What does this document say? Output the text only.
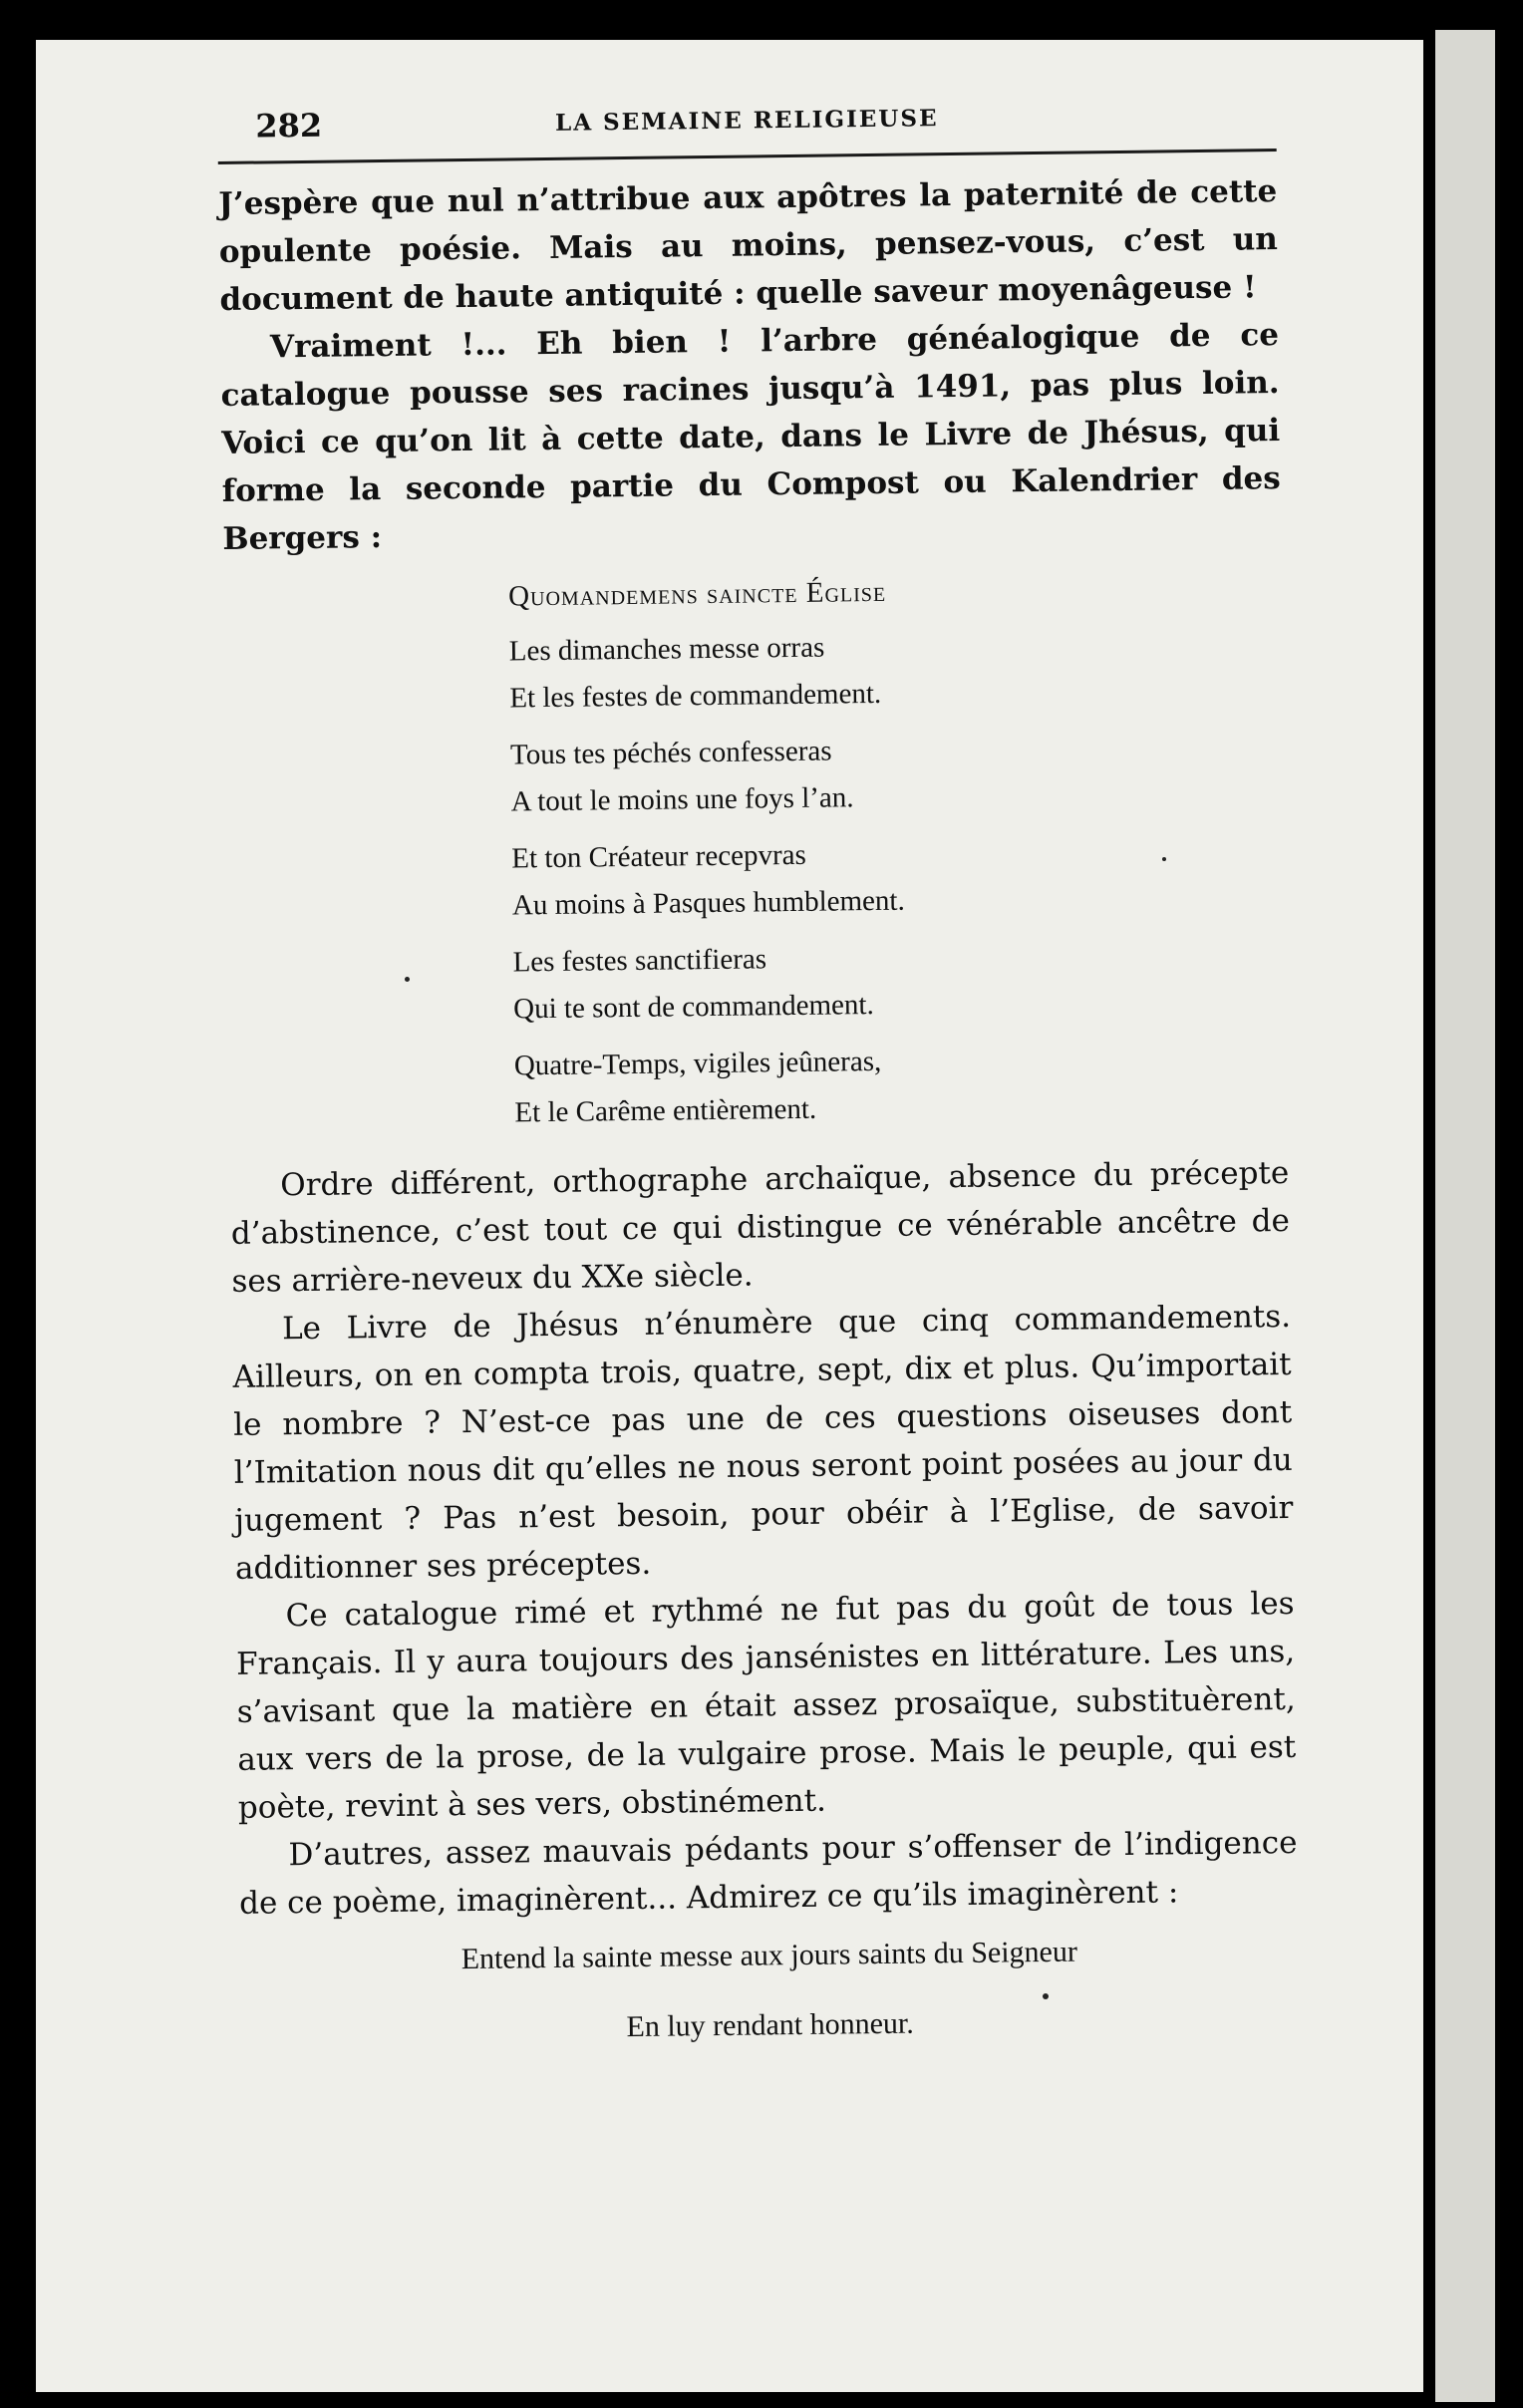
282	LA SEMAINE RELIGIEUSE

J’espère que nul n’attribue aux apôtres la paternité de cette opulente poésie. Mais au moins, pensez-vous, c’est un document de haute antiquité : quelle saveur moyenâgeuse !

Vraiment !... Eh bien ! l’arbre généalogique de ce catalogue pousse ses racines jusqu’à 1491, pas plus loin. Voici ce qu’on lit à cette date, dans le Livre de Jhésus, qui forme la seconde partie du Compost ou Kalendrier des Bergers :

Quomandemens saincte Église
Les dimanches messe orras
Et les festes de commandement.
Tous tes péchés confesseras
A tout le moins une foys l’an.
Et ton Créateur recepvras
Au moins à Pasques humblement.
Les festes sanctifieras
Qui te sont de commandement.
Quatre-Temps, vigiles jeûneras,
Et le Carême entièrement.

Ordre différent, orthographe archaïque, absence du précepte d’abstinence, c’est tout ce qui distingue ce vénérable ancêtre de ses arrière-neveux du XXe siècle.

Le Livre de Jhésus n’énumère que cinq commandements. Ailleurs, on en compta trois, quatre, sept, dix et plus. Qu’importait le nombre ? N’est-ce pas une de ces questions oiseuses dont l’Imitation nous dit qu’elles ne nous seront point posées au jour du jugement ? Pas n’est besoin, pour obéir à l’Eglise, de savoir additionner ses préceptes.

Ce catalogue rimé et rythmé ne fut pas du goût de tous les Français. Il y aura toujours des jansénistes en littérature. Les uns, s’avisant que la matière en était assez prosaïque, substituèrent, aux vers de la prose, de la vulgaire prose. Mais le peuple, qui est poète, revint à ses vers, obstinément.

D’autres, assez mauvais pédants pour s’offenser de l’indigence de ce poème, imaginèrent... Admirez ce qu’ils imaginèrent :

Entend la sainte messe aux jours saints du Seigneur
En luy rendant honneur.
